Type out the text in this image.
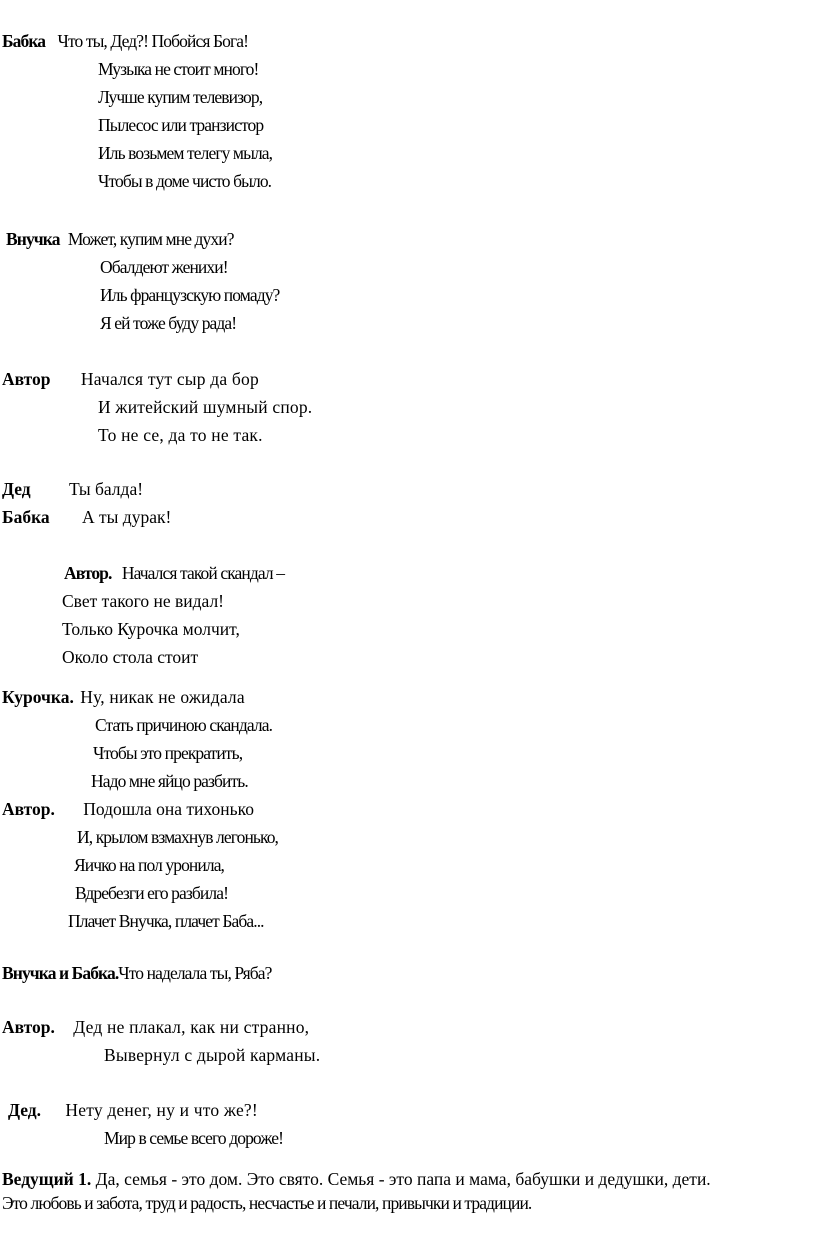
Бабка Что ты, Дед?! Побойся Бога!
Музыка не стоит много!
Лучше купим телевизор,
Пылесос или транзистор
Иль возьмем телегу мыла,
Чтобы в доме чисто было.
Внучка Может, купим мне духи?
Обалдеют женихи!
Иль французскую помаду?
Я ей тоже буду рада!
Автор Начался тут сыр да бор
И житейский шумный спор.
То не се, да то не так.
Дед Ты балда!
Бабка А ты дурак!
Автор. Начался такой скандал –
Свет такого не видал!
Только Курочка молчит,
Около стола стоит
Курочка. Ну, никак не ожидала
Стать причиною скандала.
Чтобы это прекратить,
Надо мне яйцо разбить.
Автор. Подошла она тихонько
И, крылом взмахнув легонько,
Яичко на пол уронила,
Вдребезги его разбила!
Плачет Внучка, плачет Баба...
Внучка и Бабка.Что наделала ты, Ряба?
Автор. Дед не плакал, как ни странно,
Вывернул с дырой карманы.
Дед. Нету денег, ну и что же?!
Мир в семье всего дороже!
Ведущий 1. Да, семья - это дом. Это свято. Семья - это папа и мама, бабушки и дедушки, дети.
Это любовь и забота, труд и радость, несчастье и печали, привычки и традиции.
